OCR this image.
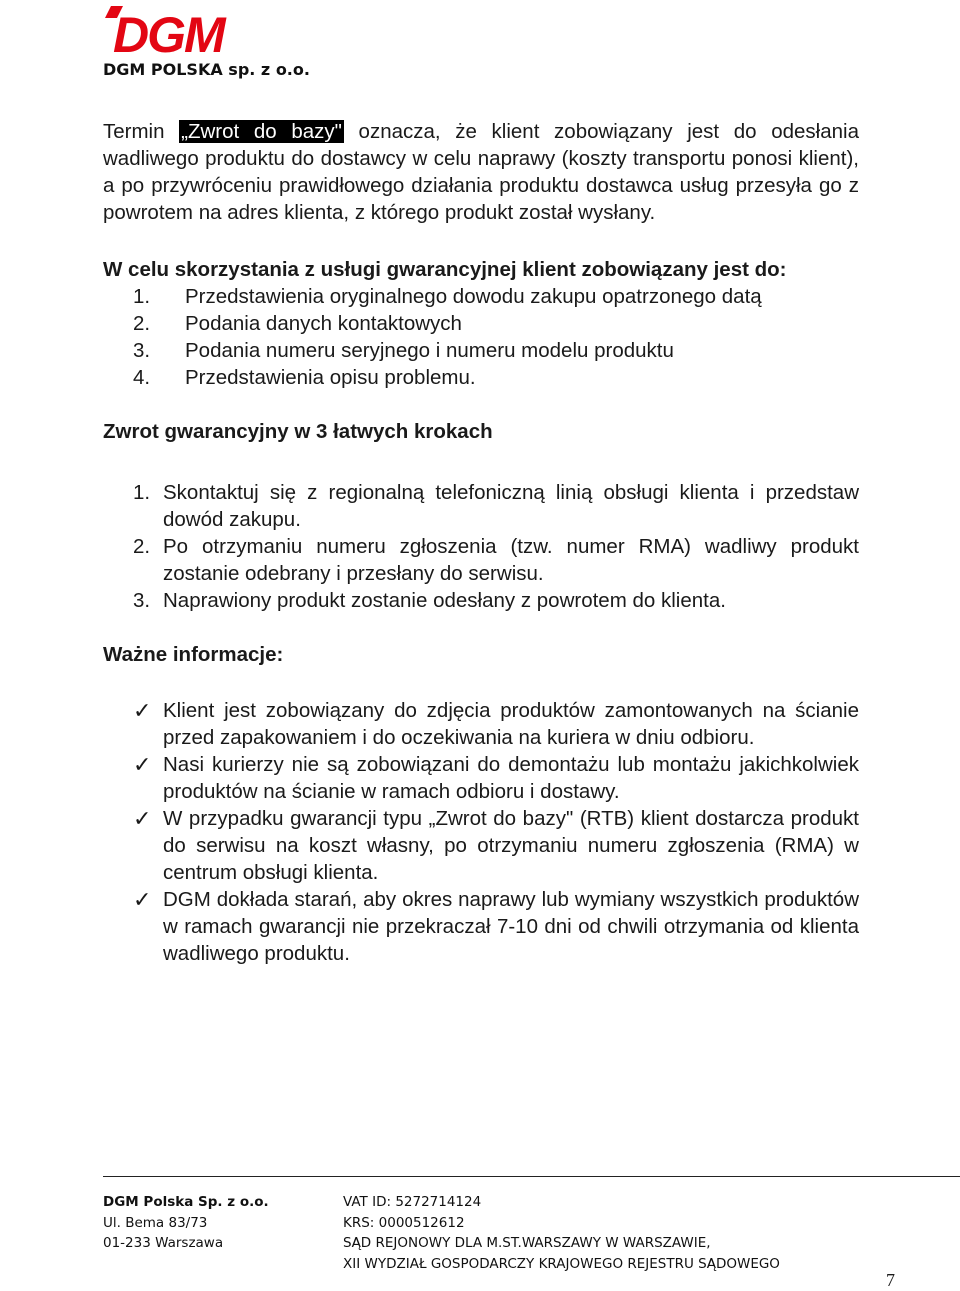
DGM
DGM POLSKA sp. z o.o.

Termin „Zwrot do bazy" oznacza, że klient zobowiązany jest do odesłania wadliwego produktu do dostawcy w celu naprawy (koszty transportu ponosi klient), a po przywróceniu prawidłowego działania produktu dostawca usług przesyła go z powrotem na adres klienta, z którego produkt został wysłany.

W celu skorzystania z usługi gwarancyjnej klient zobowiązany jest do:

1. Przedstawienia oryginalnego dowodu zakupu opatrzonego datą
2. Podania danych kontaktowych
3. Podania numeru seryjnego i numeru modelu produktu
4. Przedstawienia opisu problemu.

Zwrot gwarancyjny w 3 łatwych krokach

1. Skontaktuj się z regionalną telefoniczną linią obsługi klienta i przedstaw dowód zakupu.
2. Po otrzymaniu numeru zgłoszenia (tzw. numer RMA) wadliwy produkt zostanie odebrany i przesłany do serwisu.
3. Naprawiony produkt zostanie odesłany z powrotem do klienta.

Ważne informacje:

✓ Klient jest zobowiązany do zdjęcia produktów zamontowanych na ścianie przed zapakowaniem i do oczekiwania na kuriera w dniu odbioru.
✓ Nasi kurierzy nie są zobowiązani do demontażu lub montażu jakichkolwiek produktów na ścianie w ramach odbioru i dostawy.
✓ W przypadku gwarancji typu „Zwrot do bazy" (RTB) klient dostarcza produkt do serwisu na koszt własny, po otrzymaniu numeru zgłoszenia (RMA) w centrum obsługi klienta.
✓ DGM dokłada starań, aby okres naprawy lub wymiany wszystkich produktów w ramach gwarancji nie przekraczał 7-10 dni od chwili otrzymania od klienta wadliwego produktu.
DGM Polska Sp. z o.o.
Ul. Bema 83/73
01-233 Warszawa
VAT ID: 5272714124
KRS: 0000512612
SĄD REJONOWY DLA M.ST.WARSZAWY W WARSZAWIE,
XII WYDZIAŁ GOSPODARCZY KRAJOWEGO REJESTRU SĄDOWEGO
7
